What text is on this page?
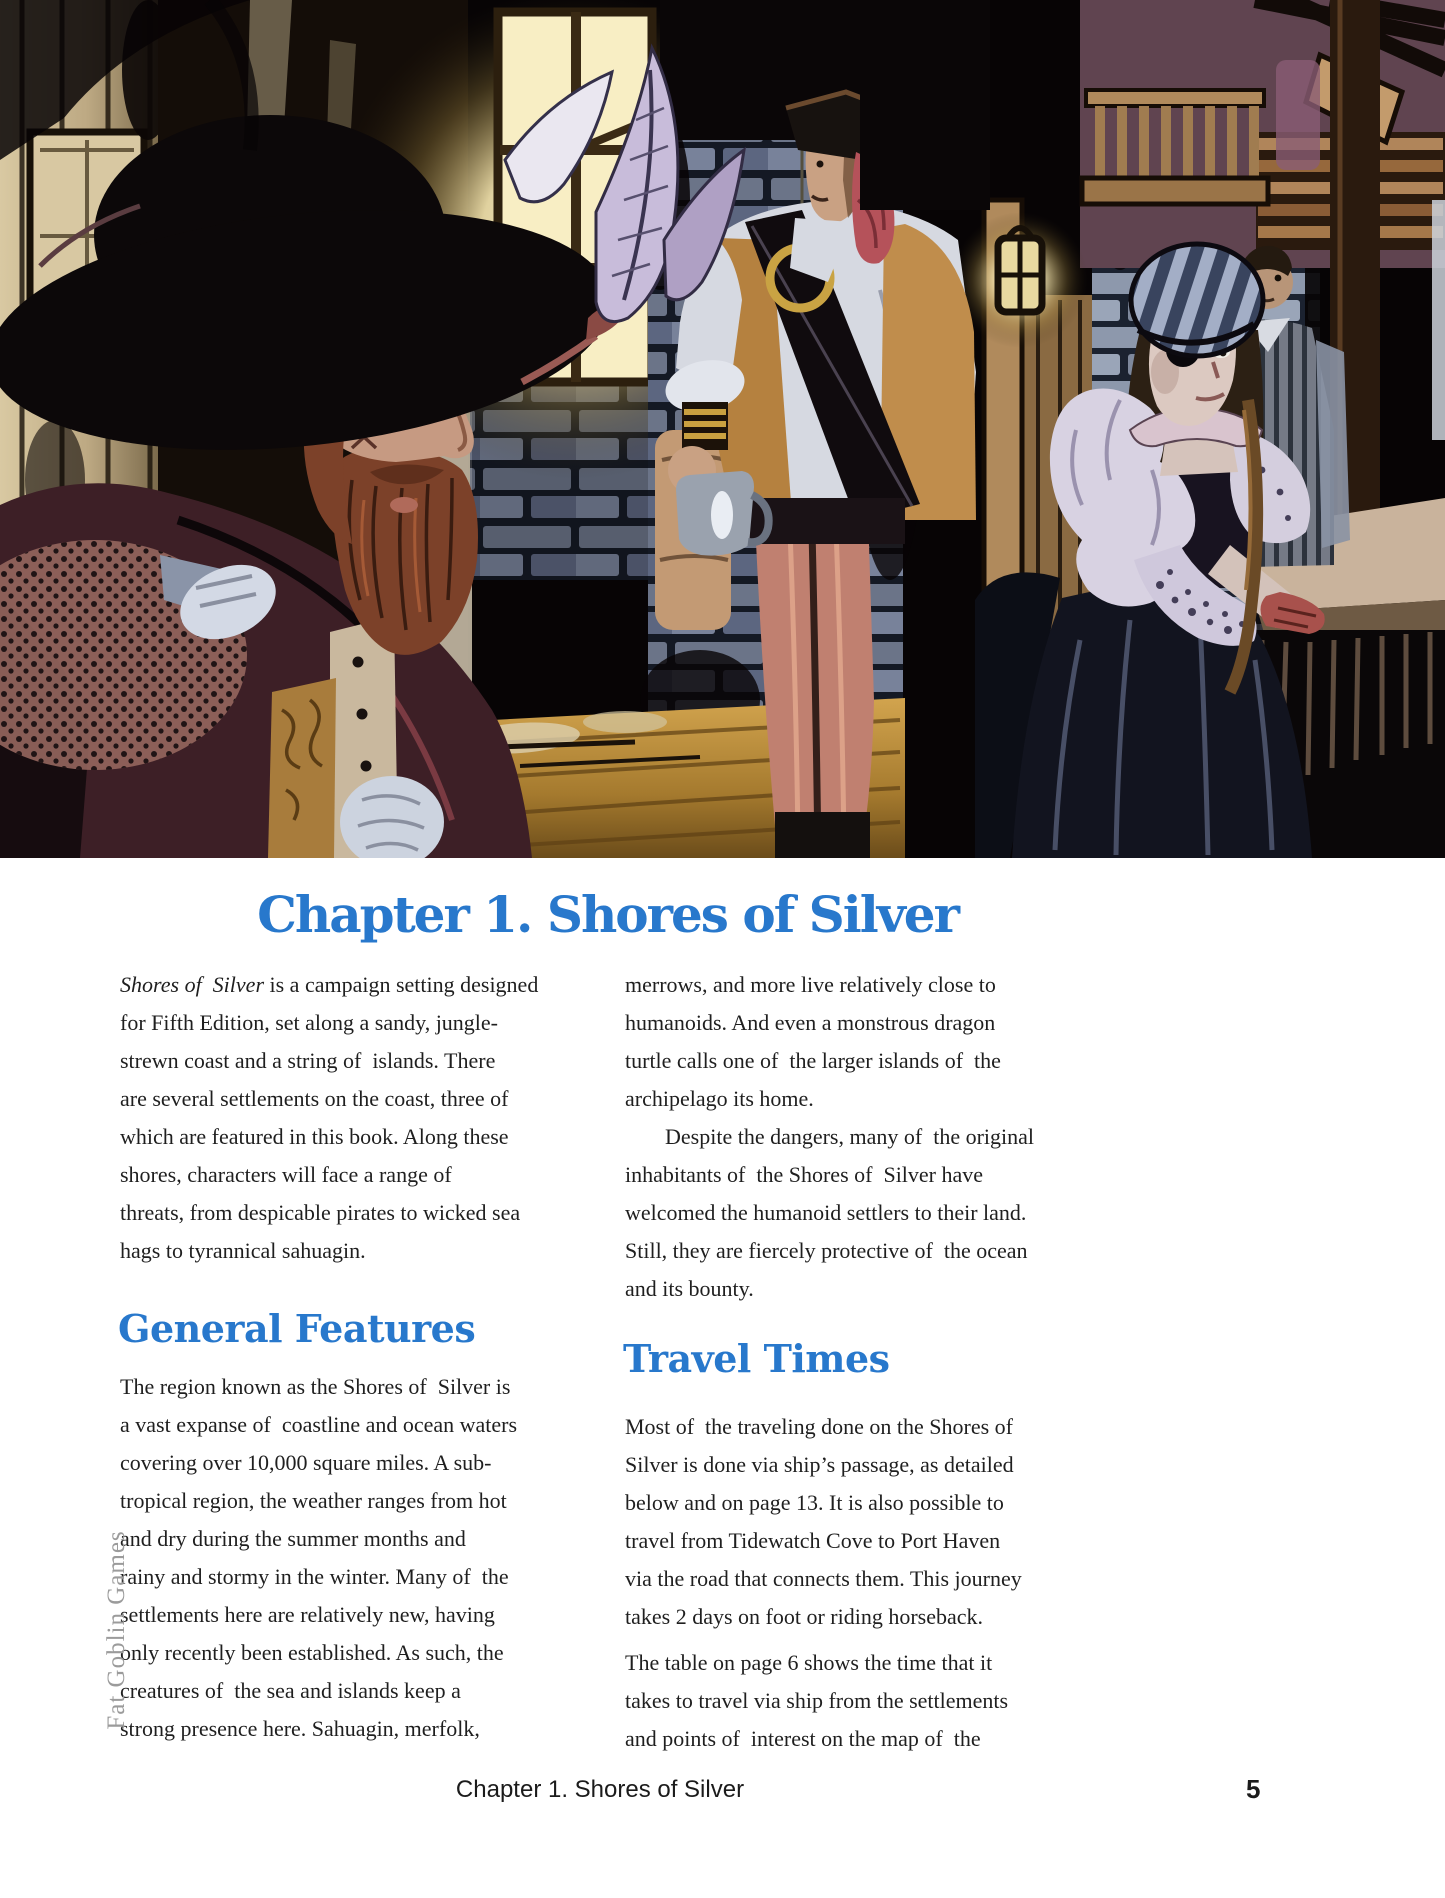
Chapter 1. Shores of Silver
Shores of  Silver is a campaign setting designed
for Fifth Edition, set along a sandy, jungle-
strewn coast and a string of  islands. There
are several settlements on the coast, three of
which are featured in this book. Along these
shores, characters will face a range of
threats, from despicable pirates to wicked sea
hags to tyrannical sahuagin.
General Features
The region known as the Shores of  Silver is
a vast expanse of  coastline and ocean waters
covering over 10,000 square miles. A sub-
tropical region, the weather ranges from hot
and dry during the summer months and
rainy and stormy in the winter. Many of  the
settlements here are relatively new, having
only recently been established. As such, the
creatures of  the sea and islands keep a
strong presence here. Sahuagin, merfolk,
merrows, and more live relatively close to
humanoids. And even a monstrous dragon
turtle calls one of  the larger islands of  the
archipelago its home.
Despite the dangers, many of  the original
inhabitants of  the Shores of  Silver have
welcomed the humanoid settlers to their land.
Still, they are fiercely protective of  the ocean
and its bounty.
Travel Times
Most of  the traveling done on the Shores of
Silver is done via ship’s passage, as detailed
below and on page 13. It is also possible to
travel from Tidewatch Cove to Port Haven
via the road that connects them. This journey
takes 2 days on foot or riding horseback.
The table on page 6 shows the time that it
takes to travel via ship from the settlements
and points of  interest on the map of  the
Fat Goblin Games
Chapter 1. Shores of Silver	5
